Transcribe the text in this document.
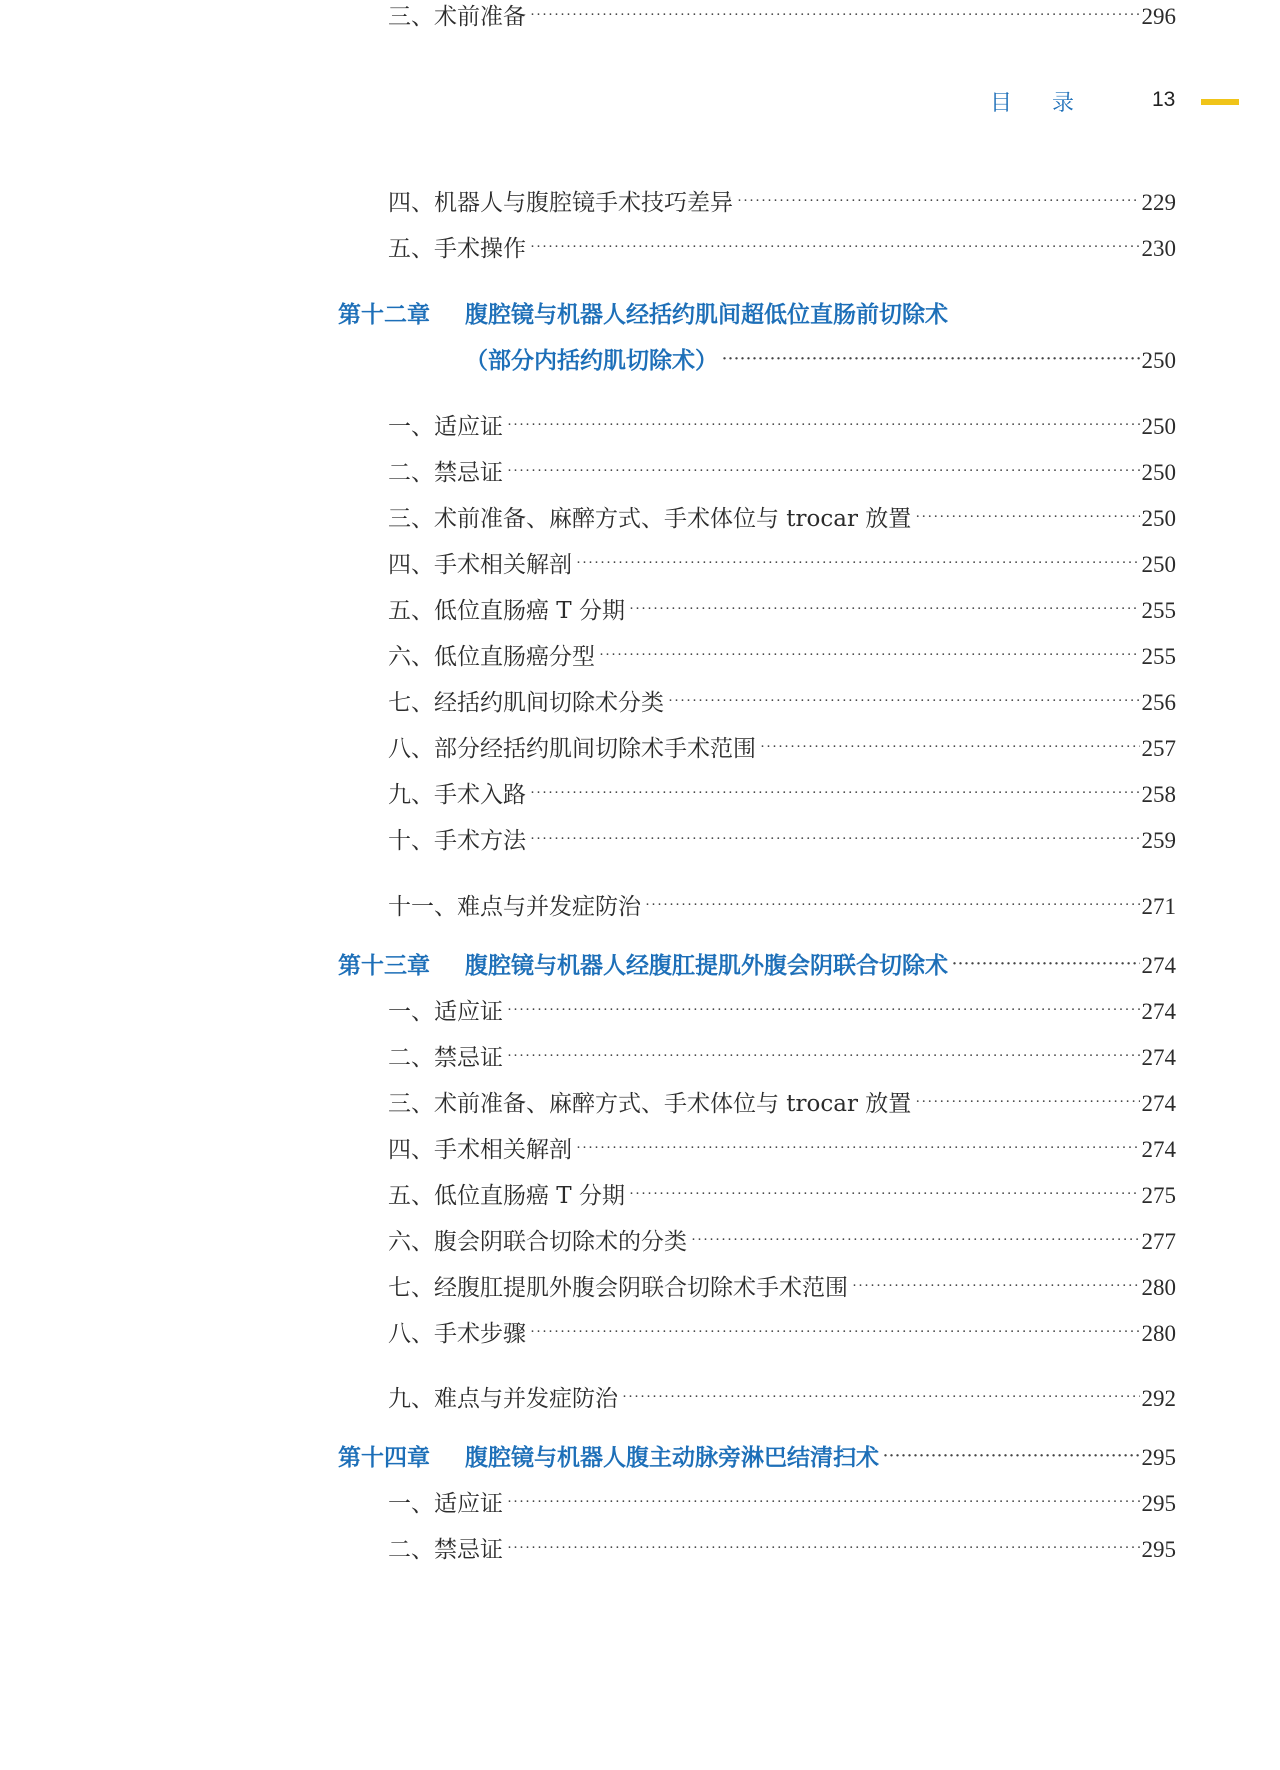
目录 13
四、机器人与腹腔镜手术技巧差异 ·····	229
五、手术操作 ·····	230
第十二章 腹腔镜与机器人经括约肌间超低位直肠前切除术
（部分内括约肌切除术） ·····	250
一、适应证 ·····	250
二、禁忌证 ·····	250
三、术前准备、麻醉方式、手术体位与 trocar 放置 ·····	250
四、手术相关解剖 ·····	250
五、低位直肠癌 T 分期 ·····	255
六、低位直肠癌分型 ·····	255
七、经括约肌间切除术分类 ·····	256
八、部分经括约肌间切除术手术范围 ·····	257
九、手术入路 ·····	258
十、手术方法 ·····	259
十一、难点与并发症防治 ·····	271
第十三章 腹腔镜与机器人经腹肛提肌外腹会阴联合切除术 ·····	274
一、适应证 ·····	274
二、禁忌证 ·····	274
三、术前准备、麻醉方式、手术体位与 trocar 放置 ·····	274
四、手术相关解剖 ·····	274
五、低位直肠癌 T 分期 ·····	275
六、腹会阴联合切除术的分类 ·····	277
七、经腹肛提肌外腹会阴联合切除术手术范围 ·····	280
八、手术步骤 ·····	280
九、难点与并发症防治 ·····	292
第十四章 腹腔镜与机器人腹主动脉旁淋巴结清扫术 ·····	295
一、适应证 ·····	295
二、禁忌证 ·····	295
三、术前准备 ·····	296
